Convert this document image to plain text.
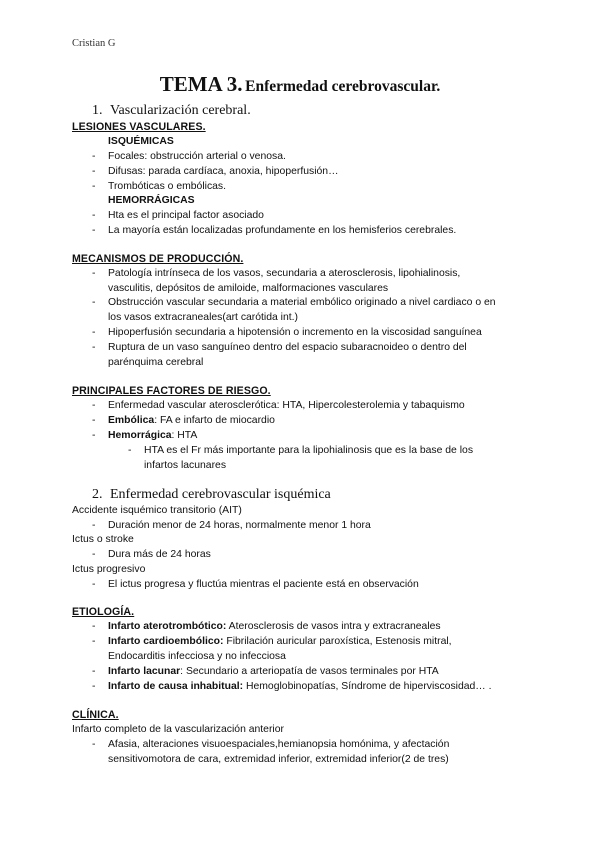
Cristian G
TEMA 3. Enfermedad cerebrovascular.
1. Vascularización cerebral.
LESIONES VASCULARES.
ISQUÉMICAS
- Focales: obstrucción arterial o venosa.
- Difusas: parada cardíaca, anoxia, hipoperfusión…
- Trombóticas o embólicas.
HEMORRÁGICAS
- Hta es el principal factor asociado
- La mayoría están localizadas profundamente en los hemisferios cerebrales.
MECANISMOS DE PRODUCCIÓN.
- Patología intrínseca de los vasos, secundaria a aterosclerosis, lipohialinosis,
vasculitis, depósitos de amiloide, malformaciones vasculares
- Obstrucción vascular secundaria a material embólico originado a nivel cardiaco o en
los vasos extracraneales(art carótida int.)
- Hipoperfusión secundaria a hipotensión o incremento en la viscosidad sanguínea
- Ruptura de un vaso sanguíneo dentro del espacio subaracnoideo o dentro del
parénquima cerebral
PRINCIPALES FACTORES DE RIESGO.
- Enfermedad vascular aterosclerótica: HTA, Hipercolesterolemia y tabaquismo
- Embólica: FA e infarto de miocardio
- Hemorrágica: HTA
- HTA es el Fr más importante para la lipohialinosis que es la base de los
infartos lacunares
2. Enfermedad cerebrovascular isquémica
Accidente isquémico transitorio (AIT)
- Duración menor de 24 horas, normalmente menor 1 hora
Ictus o stroke
- Dura más de 24 horas
Ictus progresivo
- El ictus progresa y fluctúa mientras el paciente está en observación
ETIOLOGÍA.
- Infarto aterotrombótico: Aterosclerosis de vasos intra y extracraneales
- Infarto cardioembólico: Fibrilación auricular paroxística, Estenosis mitral,
Endocarditis infecciosa y no infecciosa
- Infarto lacunar: Secundario a arteriopatía de vasos terminales por HTA
- Infarto de causa inhabitual: Hemoglobinopatías, Síndrome de hiperviscosidad… .
CLÍNICA.
Infarto completo de la vascularización anterior
- Afasia, alteraciones visuoespaciales,hemianopsia homónima, y afectación
sensitivomotora de cara, extremidad inferior, extremidad inferior(2 de tres)
